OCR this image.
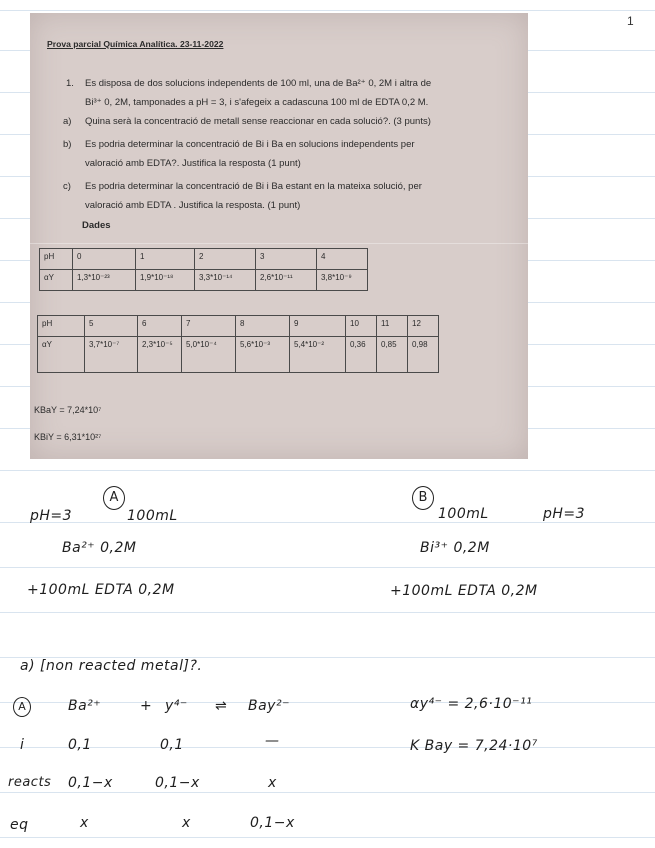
1
Prova parcial Química Analítica. 23-11-2022
1. Es disposa de dos solucions independents de 100 ml, una de Ba²⁺ 0, 2M i altra de
Bi³⁺ 0, 2M, tamponades a pH = 3, i s'afegeix a cadascuna 100 ml de EDTA 0,2 M.
a) Quina serà la concentració de metall sense reaccionar en cada solució?. (3 punts)
b) Es podria determinar la concentració de Bi i Ba en solucions independents per
valoració amb EDTA?. Justifica la resposta (1 punt)
c) Es podria determinar la concentració de Bi i Ba estant en la mateixa solució, per
valoració amb EDTA . Justifica la resposta. (1 punt)
Dades
pH	0	1	2	3	4
αY	1,3*10⁻²³	1,9*10⁻¹⁸	3,3*10⁻¹⁴	2,6*10⁻¹¹	3,8*10⁻⁹
pH	5	6	7	8	9	10	11	12
αY	3,7*10⁻⁷	2,3*10⁻⁵	5,0*10⁻⁴	5,6*10⁻³	5,4*10⁻²	0,36	0,85	0,98
KBaY = 7,24*10⁷
KBiY = 6,31*10²⁷
A	B
pH=3	100mL
Ba²⁺ 0,2M
+100mL EDTA 0,2M
100mL	pH=3
Bi³⁺ 0,2M
+100mL EDTA 0,2M
a) [non reacted metal]?.
A	Ba²⁺	+ y⁴⁻ ⇌ Bay²⁻	αy⁴⁻ = 2,6·10⁻¹¹
K Bay = 7,24·10⁷
i	0,1	0,1	—
reacts 0,1−x	0,1−x	x
eq	x	x	0,1−x
